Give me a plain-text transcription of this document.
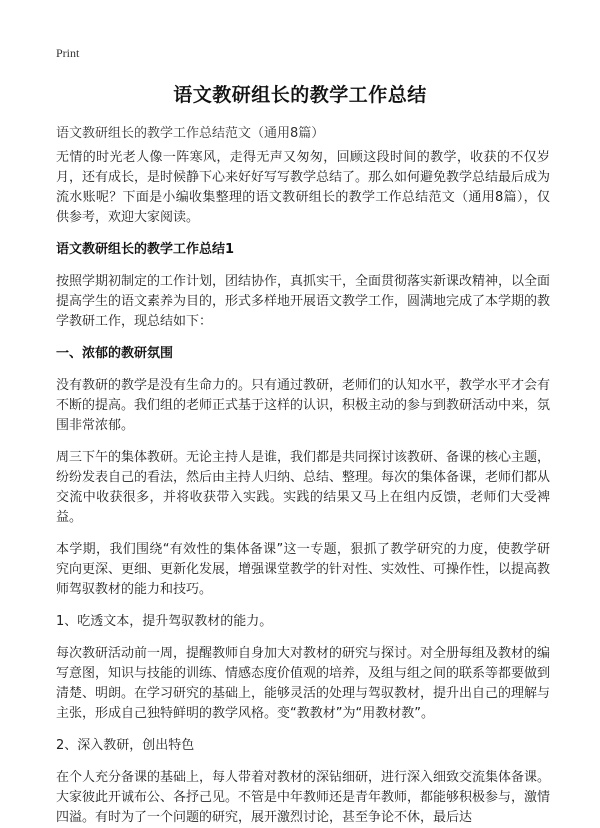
Print
语文教研组长的教学工作总结
语文教研组长的教学工作总结范文（通用8篇）

无情的时光老人像一阵寒风，走得无声又匆匆，回顾这段时间的教学，收获的不仅岁月，还有成长，是时候静下心来好好写写教学总结了。那么如何避免教学总结最后成为流水账呢？下面是小编收集整理的语文教研组长的教学工作总结范文（通用8篇），仅供参考，欢迎大家阅读。

语文教研组长的教学工作总结1

按照学期初制定的工作计划，团结协作，真抓实干，全面贯彻落实新课改精神，以全面提高学生的语文素养为目的，形式多样地开展语文教学工作，圆满地完成了本学期的教学教研工作，现总结如下：

一、浓郁的教研氛围

没有教研的教学是没有生命力的。只有通过教研，老师们的认知水平，教学水平才会有不断的提高。我们组的老师正式基于这样的认识，积极主动的参与到教研活动中来，氛围非常浓郁。

周三下午的集体教研。无论主持人是谁，我们都是共同探讨该教研、备课的核心主题，纷纷发表自己的看法，然后由主持人归纳、总结、整理。每次的集体备课，老师们都从交流中收获很多，并将收获带入实践。实践的结果又马上在组内反馈，老师们大受裨益。

本学期，我们围绕“有效性的集体备课”这一专题，狠抓了教学研究的力度，使教学研究向更深、更细、更新化发展，增强课堂教学的针对性、实效性、可操作性，以提高教师驾驭教材的能力和技巧。

1、吃透文本，提升驾驭教材的能力。

每次教研活动前一周，提醒教师自身加大对教材的研究与探讨。对全册每组及教材的编写意图，知识与技能的训练、情感态度价值观的培养，及组与组之间的联系等都要做到清楚、明朗。在学习研究的基础上，能够灵活的处理与驾驭教材，提升出自己的理解与主张，形成自己独特鲜明的教学风格。变“教教材”为“用教材教”。

2、深入教研，创出特色

在个人充分备课的基础上，每人带着对教材的深钻细研，进行深入细致交流集体备课。大家彼此开诚布公、各抒己见。不管是中年教师还是青年教师，都能够积极参与，激情四溢。有时为了一个问题的研究，展开激烈讨论，甚至争论不休，最后达
